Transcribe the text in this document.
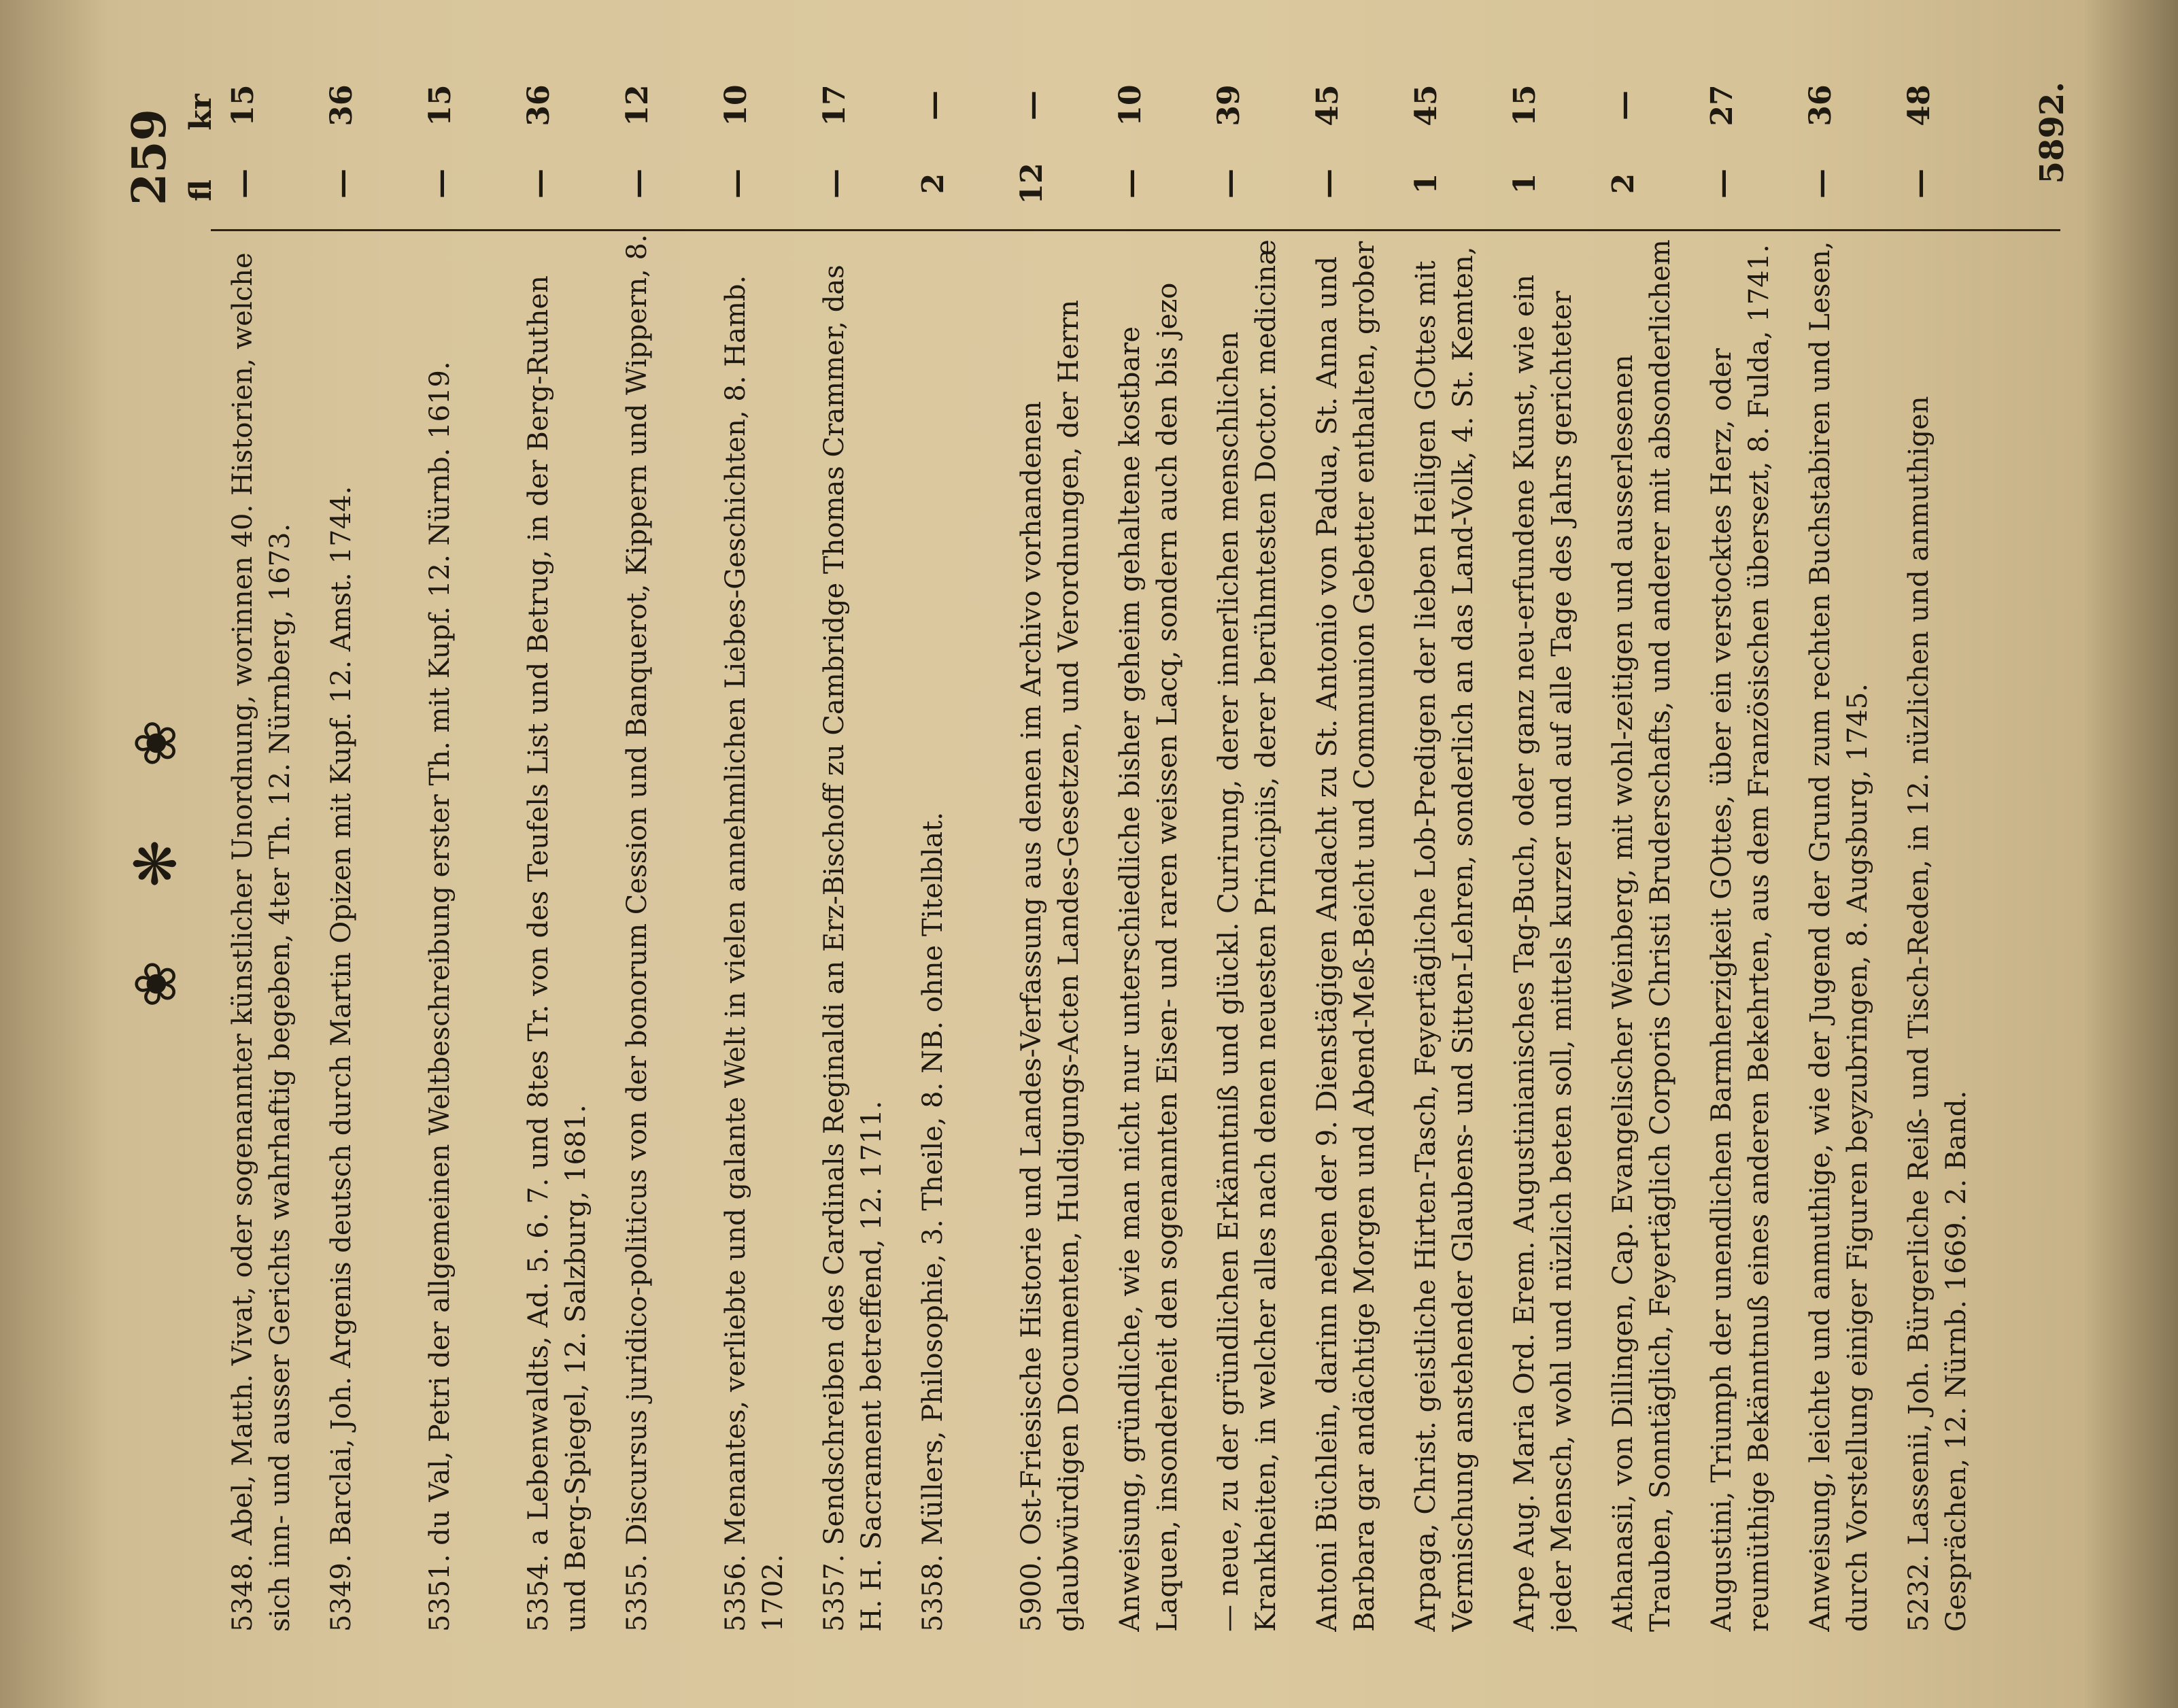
❀ ❋ ❀
259 fl
kr
5348. Abel, Matth. Vivat, oder sogenannter künstlicher Unordnung, worinnen 40. Historien, welche sich inn- und ausser Gerichts wahrhaftig begeben, 4ter Th. 12. Nürnberg, 1673.
—
15
5349. Barclai, Joh. Argenis deutsch durch Martin Opizen mit Kupf. 12. Amst. 1744.
—
36
5351. du Val, Petri der allgemeinen Weltbeschreibung erster Th. mit Kupf. 12. Nürnb. 1619.
—
15
5354. a Lebenwaldts, Ad. 5. 6. 7. und 8tes Tr. von des Teufels List und Betrug, in der Berg-Ruthen und Berg-Spiegel, 12. Salzburg, 1681.
—
36
5355. Discursus juridico-politicus von der bonorum Cession und Banquerot, Kippern und Wippern, 8.
—
12
5356. Menantes, verliebte und galante Welt in vielen annehmlichen Liebes-Geschichten, 8. Hamb. 1702.
—
10
5357. Sendschreiben des Cardinals Reginaldi an Erz-Bischoff zu Cambridge Thomas Crammer, das H. H. Sacrament betreffend, 12. 1711.
—
17
5358. Müllers, Philosophie, 3. Theile, 8. NB. ohne Titelblat.
2
—
5900. Ost-Friesische Historie und Landes-Verfassung aus denen im Archivo vorhandenen glaubwürdigen Documenten, Huldigungs-Acten Landes-Gesetzen, und Verordnungen, der Herrn
12
—
Anweisung, gründliche, wie man nicht nur unterschiedliche bisher geheim gehaltene kostbare Laquen, insonderheit den sogenannten Eisen- und raren weissen Lacq, sondern auch den bis jezo
—
10
— neue, zu der gründlichen Erkänntniß und glückl. Curirung, derer innerlichen menschlichen Krankheiten, in welcher alles nach denen neuesten Principiis, derer berühmtesten Doctor. medicinæ
—
39
Antoni Büchlein, darinn neben der 9. Dienstägigen Andacht zu St. Antonio von Padua, St. Anna und Barbara gar andächtige Morgen und Abend-Meß-Beicht und Communion Gebetter enthalten, grober
—
45
Arpaga, Christ. geistliche Hirten-Tasch, Feyertägliche Lob-Predigen der lieben Heiligen GOttes mit Vermischung anstehender Glaubens- und Sitten-Lehren, sonderlich an das Land-Volk, 4. St. Kemten,
1
45
Arpe Aug. Maria Ord. Erem. Augustinianisches Tag-Buch, oder ganz neu-erfundene Kunst, wie ein jeder Mensch, wohl und nüzlich beten soll, mittels kurzer und auf alle Tage des Jahrs gerichteter
1
15
Athanasii, von Dillingen, Cap. Evangelischer Weinberg, mit wohl-zeitigen und ausserlesenen Trauben, Sonntäglich, Feyertäglich Corporis Christi Bruderschafts, und anderer mit absonderlichem
2
—
Augustini, Triumph der unendlichen Barmherzigkeit GOttes, über ein verstocktes Herz, oder reumüthige Bekänntnuß eines anderen Bekehrten, aus dem Französischen übersezt, 8. Fulda, 1741.
—
27
Anweisung, leichte und anmuthige, wie der Jugend der Grund zum rechten Buchstabiren und Lesen, durch Vorstellung einiger Figuren beyzubringen, 8. Augsburg, 1745.
—
36
5232. Lassenii, Joh. Bürgerliche Reiß- und Tisch-Reden, in 12. nüzlichen und anmuthigen Gesprächen, 12. Nürnb. 1669. 2. Band.
—
48	5892.
